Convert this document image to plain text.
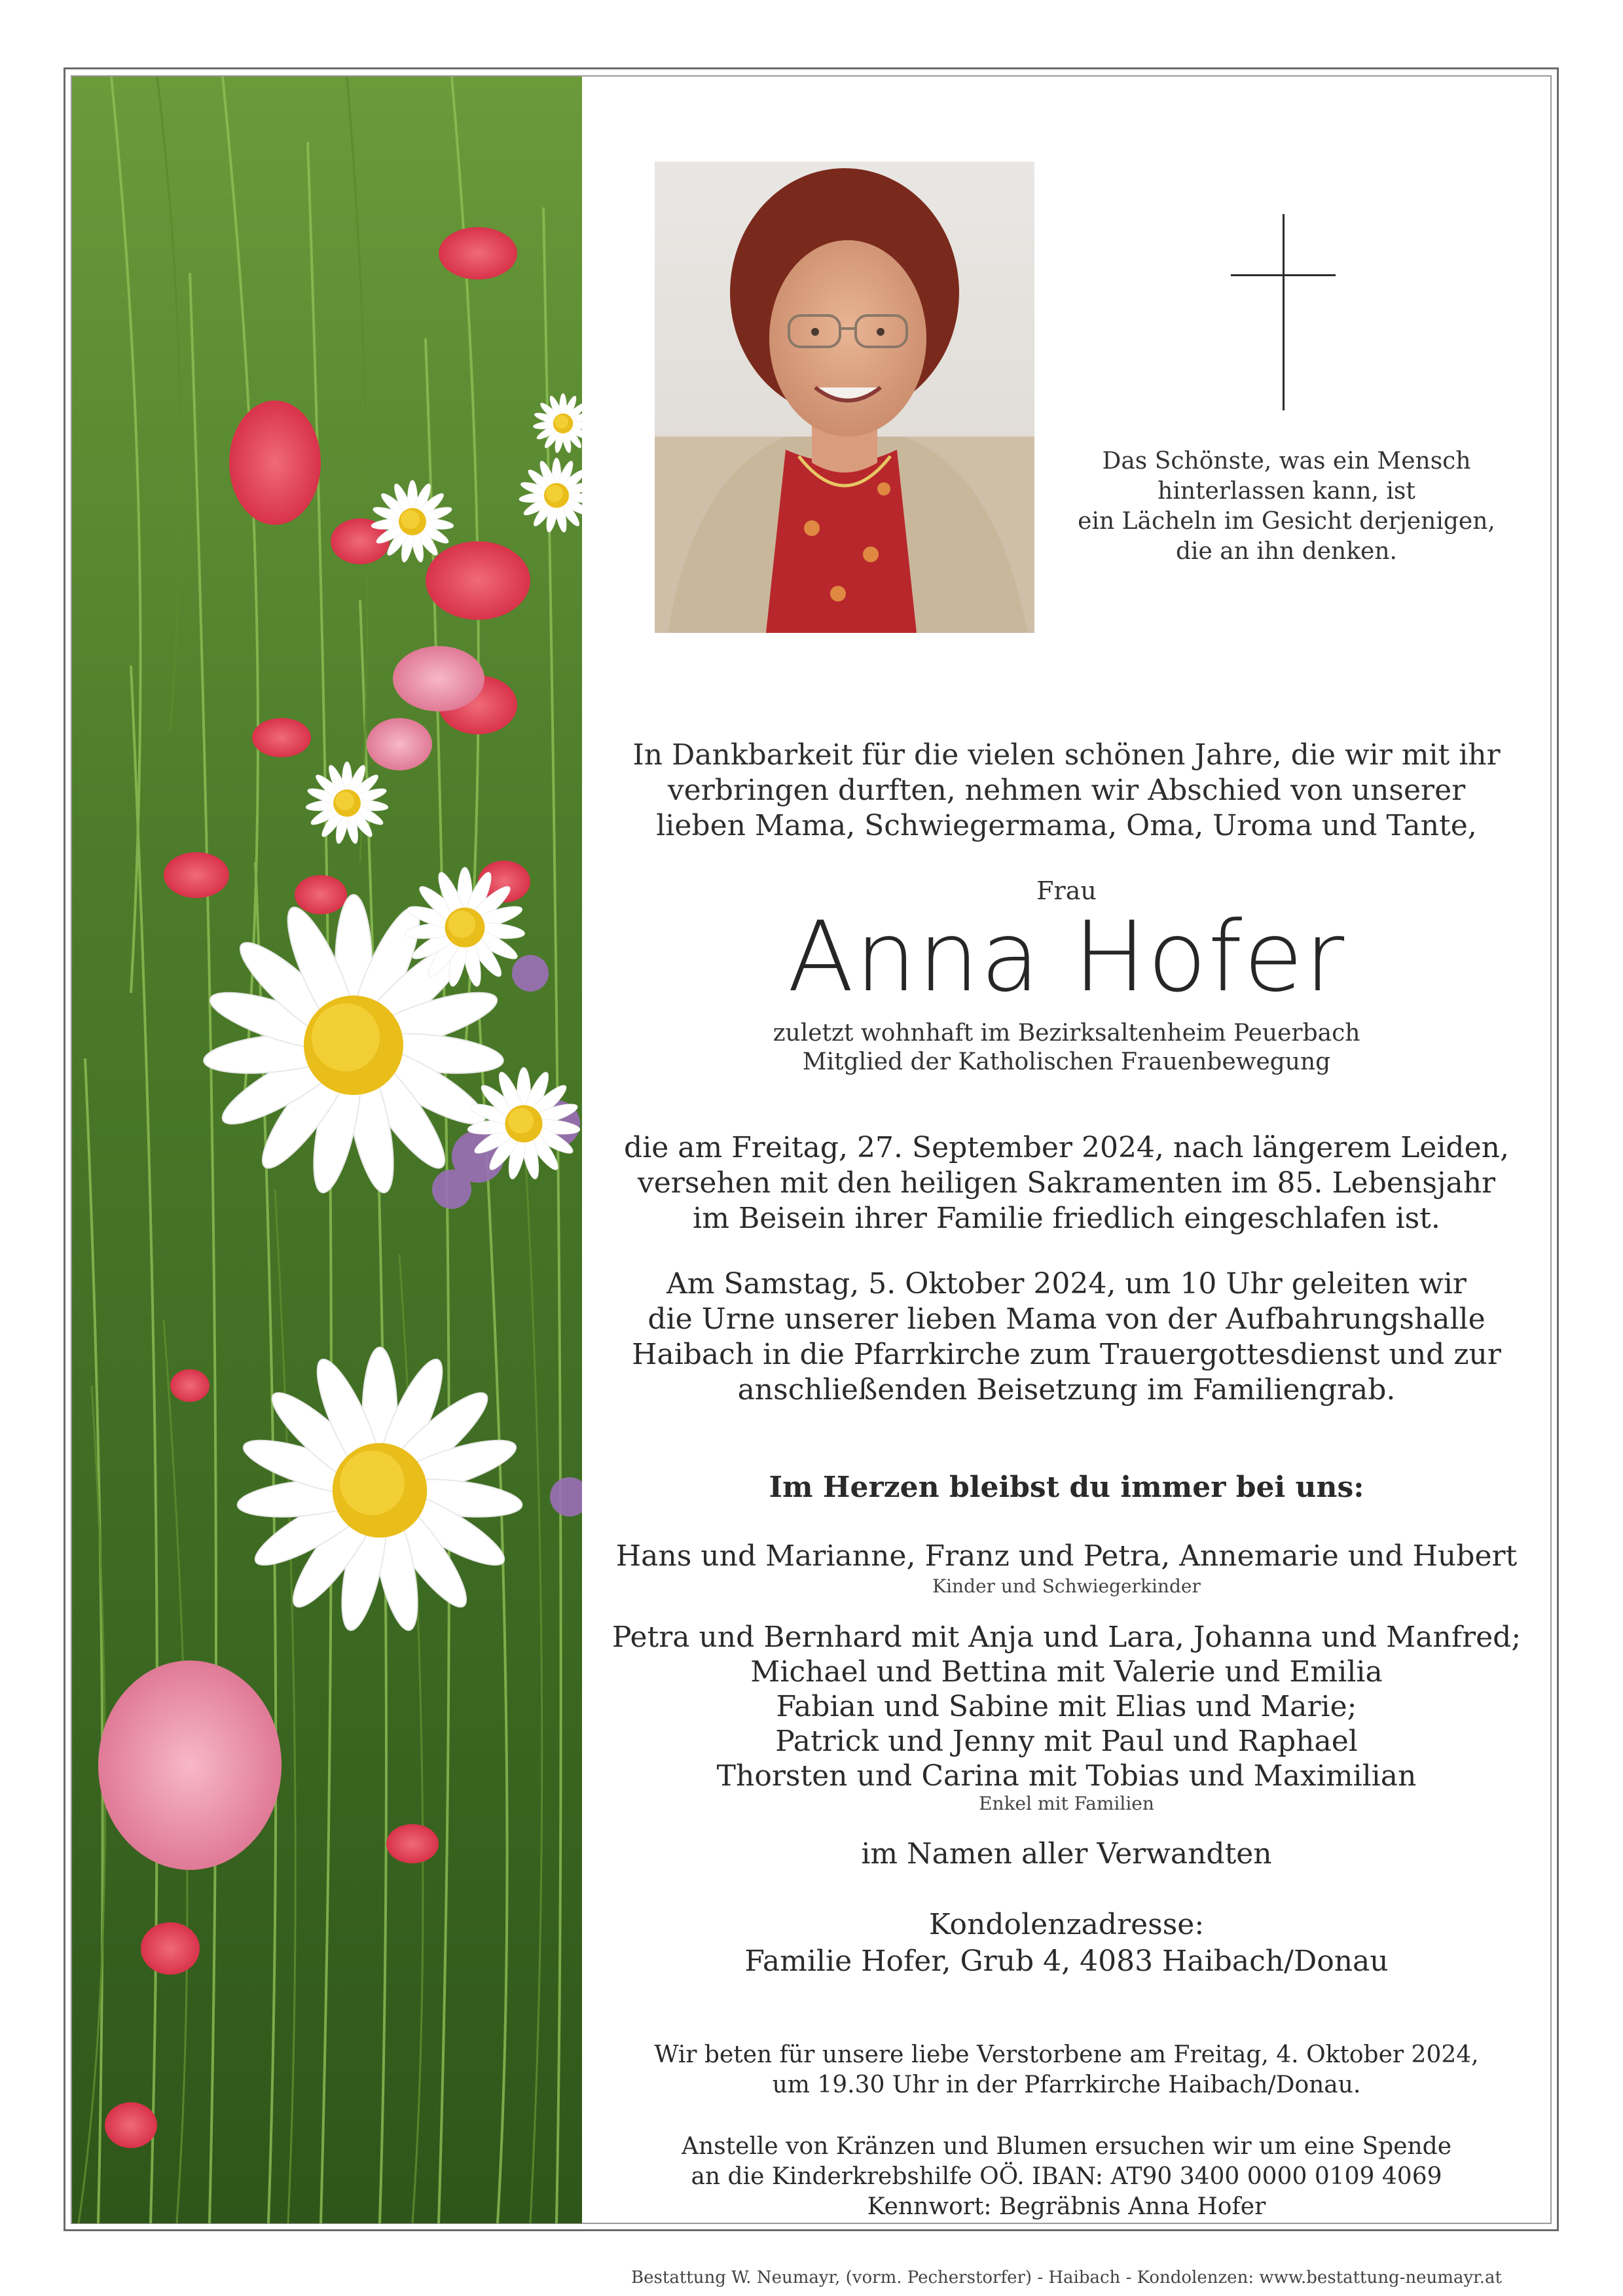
Das Schönste, was ein Mensch
hinterlassen kann, ist
ein Lächeln im Gesicht derjenigen,
die an ihn denken.
In Dankbarkeit für die vielen schönen Jahre, die wir mit ihr
verbringen durften, nehmen wir Abschied von unserer
lieben Mama, Schwiegermama, Oma, Uroma und Tante,
Frau
Anna Hofer
zuletzt wohnhaft im Bezirksaltenheim Peuerbach
Mitglied der Katholischen Frauenbewegung
die am Freitag, 27. September 2024, nach längerem Leiden,
versehen mit den heiligen Sakramenten im 85. Lebensjahr
im Beisein ihrer Familie friedlich eingeschlafen ist.
Am Samstag, 5. Oktober 2024, um 10 Uhr geleiten wir
die Urne unserer lieben Mama von der Aufbahrungshalle
Haibach in die Pfarrkirche zum Trauergottesdienst und zur
anschließenden Beisetzung im Familiengrab.
Im Herzen bleibst du immer bei uns:
Hans und Marianne, Franz und Petra, Annemarie und Hubert
Kinder und Schwiegerkinder
Petra und Bernhard mit Anja und Lara, Johanna und Manfred;
Michael und Bettina mit Valerie und Emilia
Fabian und Sabine mit Elias und Marie;
Patrick und Jenny mit Paul und Raphael
Thorsten und Carina mit Tobias und Maximilian
Enkel mit Familien
im Namen aller Verwandten
Kondolenzadresse:
Familie Hofer, Grub 4, 4083 Haibach/Donau
Wir beten für unsere liebe Verstorbene am Freitag, 4. Oktober 2024,
um 19.30 Uhr in der Pfarrkirche Haibach/Donau.
Anstelle von Kränzen und Blumen ersuchen wir um eine Spende
an die Kinderkrebshilfe OÖ. IBAN: AT90 3400 0000 0109 4069
Kennwort: Begräbnis Anna Hofer
Bestattung W. Neumayr, (vorm. Pecherstorfer) - Haibach - Kondolenzen: www.bestattung-neumayr.at
